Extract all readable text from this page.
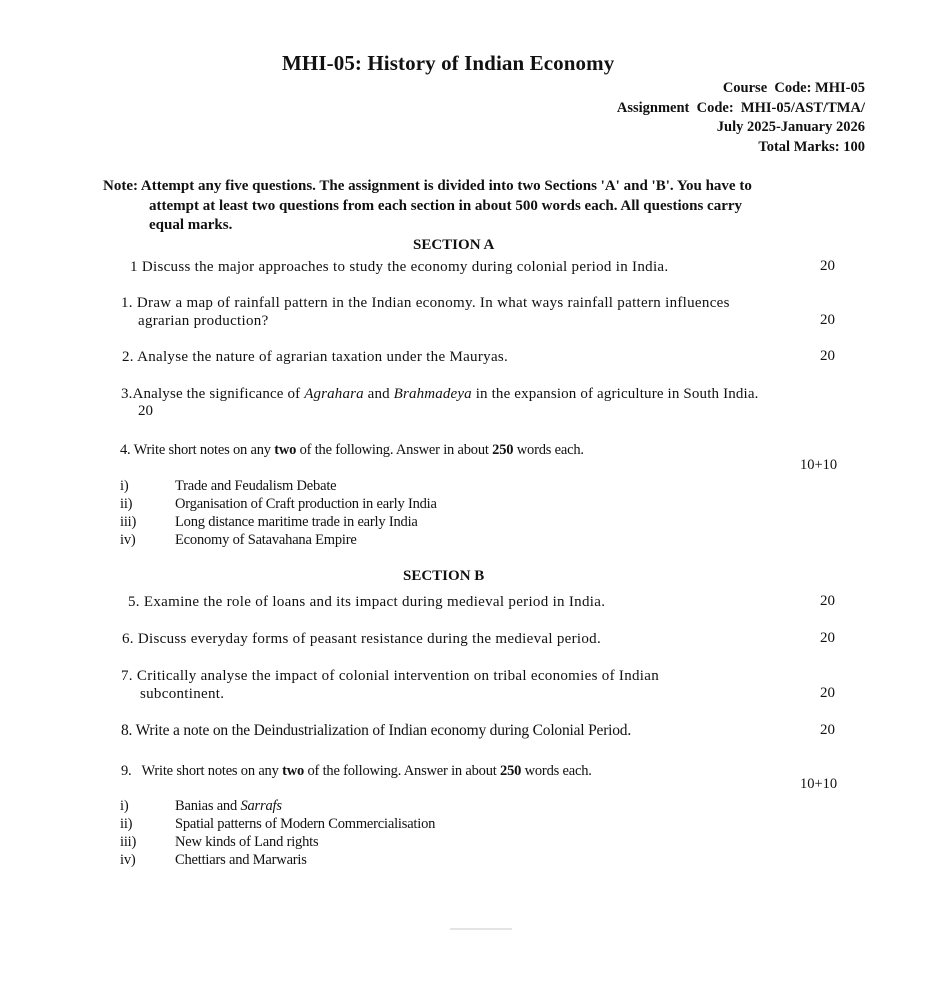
MHI-05: History of Indian Economy
Course  Code: MHI-05
Assignment  Code:  MHI-05/AST/TMA/
July 2025-January 2026
Total Marks: 100
Note: Attempt any five questions. The assignment is divided into two Sections 'A' and 'B'. You have to
attempt at least two questions from each section in about 500 words each. All questions carry
equal marks.
SECTION A
1 Discuss the major approaches to study the economy during colonial period in India.	20
1. Draw a map of rainfall pattern in the Indian economy. In what ways rainfall pattern influences
agrarian production?	20
2. Analyse the nature of agrarian taxation under the Mauryas.	20
3.Analyse the significance of Agrahara and Brahmadeya in the expansion of agriculture in South India.
20
4. Write short notes on any two of the following. Answer in about 250 words each.
10+10
i)	Trade and Feudalism Debate
ii)	Organisation of Craft production in early India
iii)	Long distance maritime trade in early India
iv)	Economy of Satavahana Empire
SECTION B
5. Examine the role of loans and its impact during medieval period in India.	20
6. Discuss everyday forms of peasant resistance during the medieval period.	20
7. Critically analyse the impact of colonial intervention on tribal economies of Indian
subcontinent.	20
8. Write a note on the Deindustrialization of Indian economy during Colonial Period.	20
9.   Write short notes on any two of the following. Answer in about 250 words each.
10+10
i)	Banias and Sarrafs
ii)	Spatial patterns of Modern Commercialisation
iii)	New kinds of Land rights
iv)	Chettiars and Marwaris
